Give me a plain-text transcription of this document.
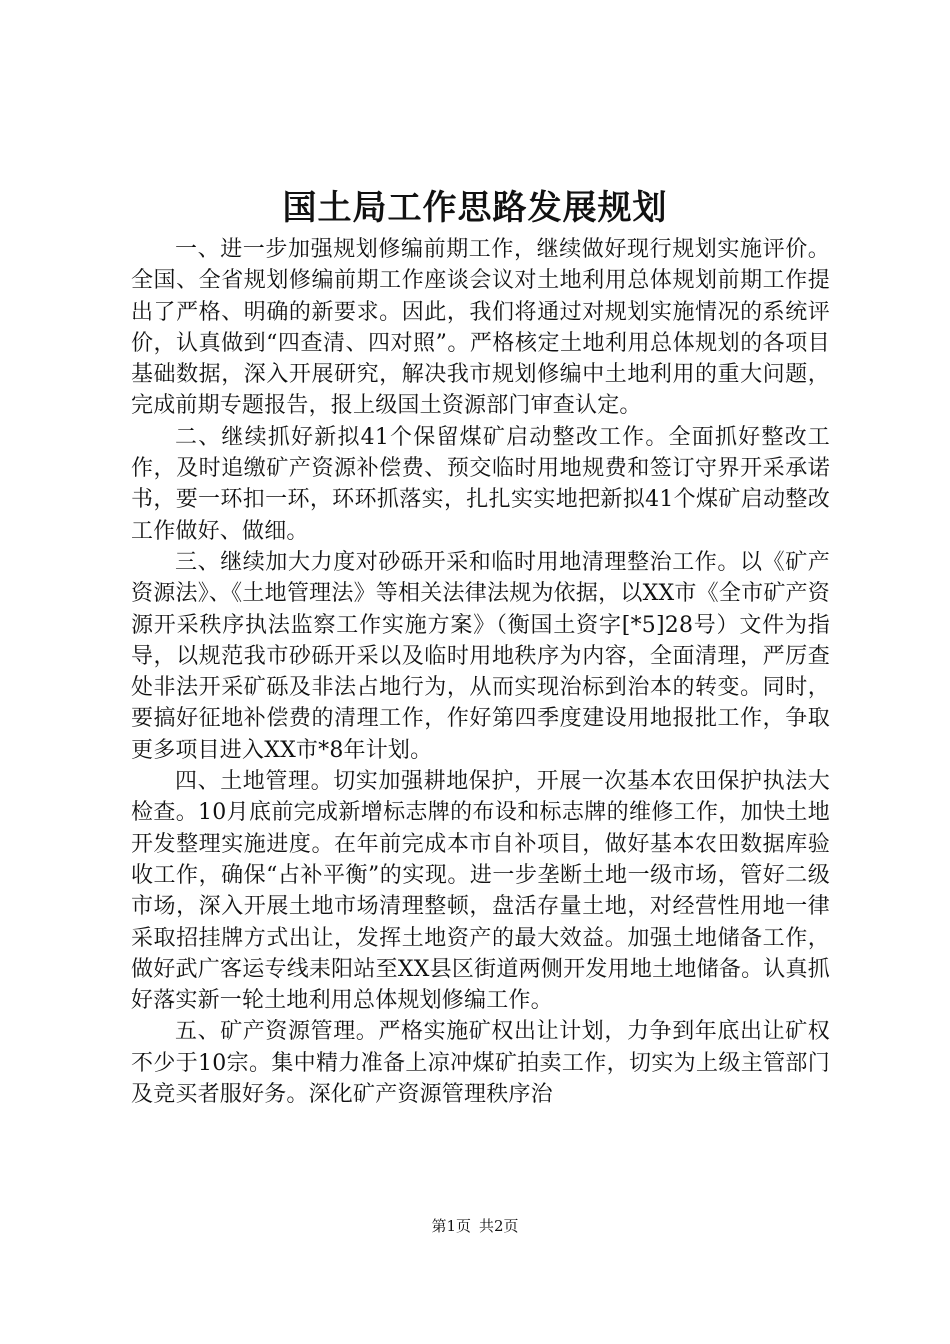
国土局工作思路发展规划

一、进一步加强规划修编前期工作，继续做好现行规划实施评价。全国、全省规划修编前期工作座谈会议对土地利用总体规划前期工作提出了严格、明确的新要求。因此，我们将通过对规划实施情况的系统评价，认真做到“四查清、四对照”。严格核定土地利用总体规划的各项目基础数据，深入开展研究，解决我市规划修编中土地利用的重大问题，完成前期专题报告，报上级国土资源部门审查认定。

二、继续抓好新拟41个保留煤矿启动整改工作。全面抓好整改工作，及时追缴矿产资源补偿费、预交临时用地规费和签订守界开采承诺书，要一环扣一环，环环抓落实，扎扎实实地把新拟41个煤矿启动整改工作做好、做细。

三、继续加大力度对砂砾开采和临时用地清理整治工作。以《矿产资源法》、《土地管理法》等相关法律法规为依据，以XX市《全市矿产资源开采秩序执法监察工作实施方案》（衡国土资字[*5]28号）文件为指导，以规范我市砂砾开采以及临时用地秩序为内容，全面清理，严厉查处非法开采矿砾及非法占地行为，从而实现治标到治本的转变。同时，要搞好征地补偿费的清理工作，作好第四季度建设用地报批工作，争取更多项目进入XX市*8年计划。

四、土地管理。切实加强耕地保护，开展一次基本农田保护执法大检查。10月底前完成新增标志牌的布设和标志牌的维修工作，加快土地开发整理实施进度。在年前完成本市自补项目，做好基本农田数据库验收工作，确保“占补平衡”的实现。进一步垄断土地一级市场，管好二级市场，深入开展土地市场清理整顿，盘活存量土地，对经营性用地一律采取招挂牌方式出让，发挥土地资产的最大效益。加强土地储备工作，做好武广客运专线耒阳站至XX县区街道两侧开发用地土地储备。认真抓好落实新一轮土地利用总体规划修编工作。

五、矿产资源管理。严格实施矿权出让计划，力争到年底出让矿权不少于10宗。集中精力准备上凉冲煤矿拍卖工作，切实为上级主管部门及竞买者服好务。深化矿产资源管理秩序治

第1页 共2页
